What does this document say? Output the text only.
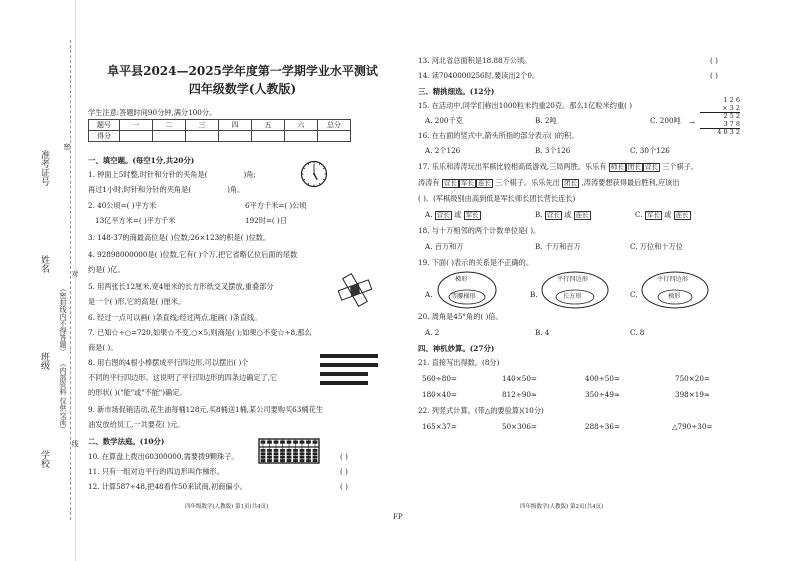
准考证号
姓名
班级
学校
（密封线内不得答题）
（内部资料 仅供交流）
密
对
线
阜平县2024—2025学年度第一学期学业水平测试
四年级数学(人教版)
学生注意:答题时间90分钟,满分100分。
题号	一	二	三	四	五	六	总分
得分							
一、填空题。(每空1分,共20分)
1. 钟面上5时整,时针和分针的夹角是(	)角;
再过1小时,时针和分针的夹角是(	)角。
2. 40公顷=( )平方米	6平方千米=( )公顷
13亿平方米=( )平方千米	192时=( )日
3. 148-37的商最高位是( )位数;26×123的积是( )位数。
4. 92898000000是( )位数,它有( )个万,把它省略亿位后面的尾数
约是( )亿。
5. 用两张长12厘米,宽4厘米的长方形纸交叉摆放,重叠部分
是一个( )形,它的高是( )厘米。
6. 经过一点可以画( )条直线;经过两点,能画( )条直线。
7. 已知☆÷○=720,如果☆不变,○×5,则商是( );如果○不变☆÷8,那么
商是( )。
8. 用右图的4根小棒摆成平行四边形,可以摆出( )个
不同的平行四边形。这说明了平行四边形的四条边确定了,它
的形状( )("能"或"不能")确定。
9. 新市场促销活动,花生油每桶128元,买8桶送1桶,某公司要购买63桶花生
油发放给员工,一共要花( )元。
二、数学法庭。(10分)
10. 在算盘上拨出60300000,需要拨9颗珠子。	( )
11. 只有一组对边平行的四边形叫作梯形。	( )
12. 计算587÷48,把48看作50来试商,初商偏小。	( )
四年级数学(人教版) 第1页(共4页)
FP
13. 河北省总面积是18.88万公顷。	( )
14. 读7040000256时,要读出2个0。	( )
三、精挑细选。(12分)
15. 在活动中,同学们称出1000粒米约重20克。那么1亿粒米约重( )
A. 200千克	B. 2吨	C. 200吨
16. 在右面的竖式中,箭头所指的部分表示( )的积。
A. 2个126	B. 3个126	C. 30个126
1 2 6
× 3 2
2 5 2
3 7 8
4 0 3 2
→
17. 乐乐和涛涛玩出军棋比较相高低游戏,三局两胜。乐乐有 师长 团长 营长 三个棋子,
涛涛有 营长 军长 连长 三个棋子。乐乐先出 团长 ,涛涛要想获得最后胜利,应该出
( )。(军棋级别由高到低是军长师长团长营长连长)
A. 营长 或 军长	B. 营长 或 连长	C. 军长 或 连长
18. 与十万相邻的两个计数单位是( )。
A. 百万和万	B. 千万和百万	C. 万位和十万位
19. 下面( )表示的关系是不正确的。
A.
梯形
等腰梯形	B.
平行四边形
长方形	C.
平行四边形
梯形
20. 周角是45°角的( )倍。
A. 2	B. 4	C. 8
四、神机妙算。(27分)
21. 直接写出得数。(8分)
560÷80=	140×50=	400÷50=	750×20=
180×40=	812÷90≈	350÷49≈	398×19≈
22. 列竖式计算。(带△的要验算)(10分)
165×37=	50×306=	288÷36=	△790÷30=
四年级数学(人教版) 第2页(共4页)
